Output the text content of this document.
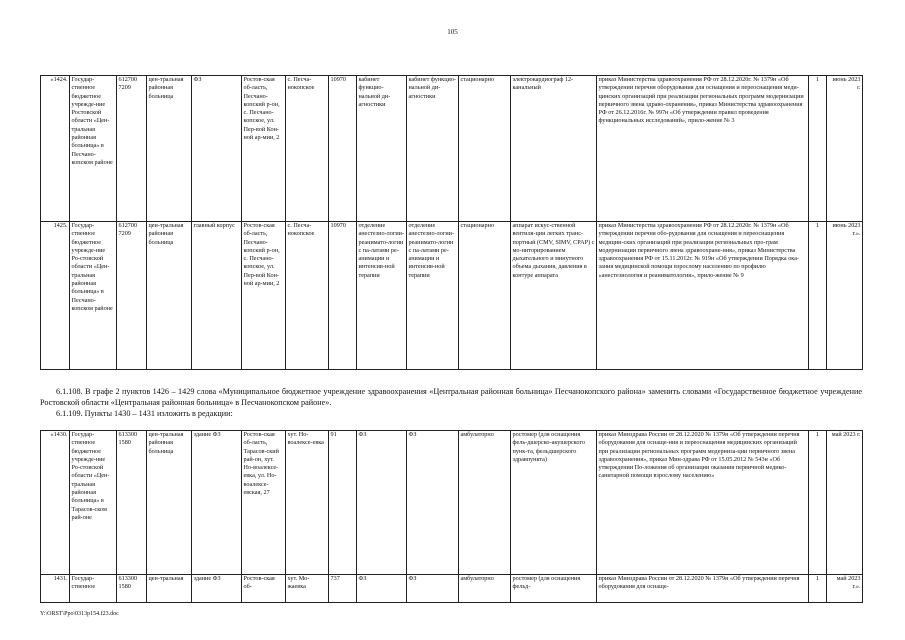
105
«1424.	Государ-ственное бюджетное учрежде-ние Ростовской области «Цен-тральная районная больница» в Песчано-копском районе	612700 7209	цен-тральная районная больница	ФЗ	Ростов-ская об-ласть, Песчано-копский р-он, с. Песчано-копское, ул. Пер-вой Кон-ной ар-мии, 2	с. Песча-нокопское	10970	кабинет функцио-нальной ди-агностики	кабинет функцио-нальной ди-агностики	стационарно	электрокардиограф 12-канальный	приказ Министерства здравоохранения РФ от 28.12.2020г. № 1379н «Об утверждении перечня оборудования для оснащения и переоснащения меди-цинских организаций при реализации региональных программ модернизации первичного звена здраво-охранения», приказ Министерства здравоохранения РФ от 26.12.2016г. № 997н «Об утверждении правил проведения функциональных исследований», прило-жение № 3	1	июнь 2023 г.
1425.	Государ-ственное бюджетное учрежде-ние Ро-стовской области «Цен-тральная районная больница» в Песчано-копском районе	612700 7209	цен-тральная районная больница	главный корпус	Ростов-ская об-ласть, Песчано-копский р-он, с. Песчано-копское, ул. Пер-вой Кон-ной ар-мии, 2	с. Песча-нокопское	10970	отделение анестезио-логии-реанимато-логии с па-латами ре-анимации и интенсив-ной терапии	отделение анестезио-логии-реанимато-логии с па-латами ре-анимации и интенсив-ной терапии	стационарно	аппарат искус-ственной вентиля-ции легких транс-портный (CMV, SIMV, CPAP) с мо-ниторированием дыхательного и минутного объема дыхания, давления в контуре аппарата	приказ Министерства здравоохранения РФ от 28.12.2020г. № 1379н «Об утверждении перечня обо-рудования для оснащения и переоснащения медицин-ских организаций при реализации региональных про-грам модернизации первичного звена здравоохране-ния», приказ Министерства здравоохранения РФ от 15.11.2012г. № 919н «Об утверждении Порядка ока-зания медицинской помощи взрослому населению по профилю «анестезиология и реаниматология», прило-жение № 9	1	июнь 2023 г.».
6.1.108. В графе 2 пунктов 1426 – 1429 слова «Муниципальное бюджетное учреждение здравоохранения «Центральная районная больница» Песчанокопского района» заменить словами «Государственное бюджетное учреждение Ростовской области «Центральная районная больница» в Песчанокопском районе».
6.1.109. Пункты 1430 – 1431 изложить в редакции:
«1430.	Государ-ственное бюджетное учрежде-ние Ро-стовской области «Цен-тральная районная больница» в Тарасов-ском рай-оне	613300 1580	цен-тральная районная больница	здание ФЗ	Ростов-ская об-ласть, Тарасов-ский рай-он, хут. Но-воалексе-евка, ул. Но-воалексе-евская, 27	хут. Но-воалексе-евка	91	ФЗ	ФЗ	амбулаторно	ростомер (для оснащения фель-дшерско-акушерского пунк-та, фельдшерского здравпункта)	приказ Минздрава России от 28.12.2020 № 1379н «Об утверждении перечня оборудования для оснаще-ния и переоснащения медицинских организаций при реализации региональных программ модерниза-ции первичного звена здравоохранения», приказ Мин-здрава РФ от 15.05.2012 № 543н «Об утверждении По-ложения об организации оказания первичной медико-санитарной помощи взрослому населению»	1	май 2023 г.
1431.	Государ-ственное	613300 1580	цен-тральная	здание ФЗ	Ростов-ская об-	хут. Мо-жаевка	737	ФЗ	ФЗ	амбулаторно	ростомер (для оснащения фельд-	приказ Минздрава России от 28.12.2020 № 1379н «Об утверждении перечня оборудования для оснаще-	1	май 2023 г.».
Y:\ORST\Ppo\0313p154.f23.doc
